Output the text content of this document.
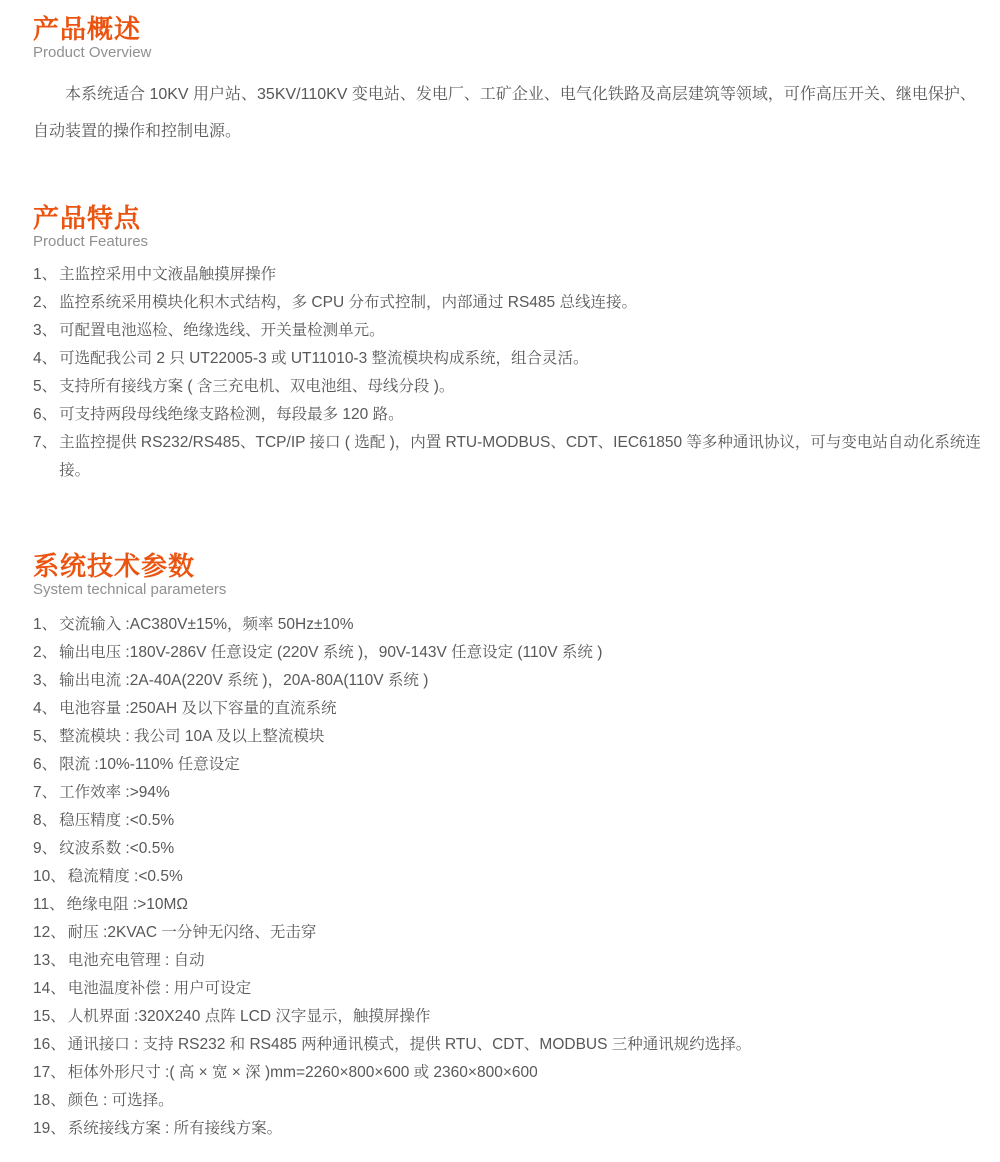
产品概述
Product Overview

本系统适合 10KV 用户站、35KV/110KV 变电站、发电厂、工矿企业、电气化铁路及高层建筑等领域，可作高压开关、继电保护、自动装置的操作和控制电源。

产品特点
Product Features
1、 主监控采用中文液晶触摸屏操作
2、 监控系统采用模块化积木式结构，多 CPU 分布式控制，内部通过 RS485 总线连接。
3、 可配置电池巡检、绝缘选线、开关量检测单元。
4、 可选配我公司 2 只 UT22005-3 或 UT11010-3 整流模块构成系统，组合灵活。
5、 支持所有接线方案 ( 含三充电机、双电池组、母线分段 )。
6、 可支持两段母线绝缘支路检测，每段最多 120 路。
7、 主监控提供 RS232/RS485、TCP/IP 接口 ( 选配 )，内置 RTU-MODBUS、CDT、IEC61850 等多种通讯协议，可与变电站自动化系统连接。
系统技术参数
System technical parameters
1、 交流输入 :AC380V±15%，频率 50Hz±10%
2、 输出电压 :180V-286V 任意设定 (220V 系统 )，90V-143V 任意设定 (110V 系统 )
3、 输出电流 :2A-40A(220V 系统 )，20A-80A(110V 系统 )
4、 电池容量 :250AH 及以下容量的直流系统
5、 整流模块 : 我公司 10A 及以上整流模块
6、 限流 :10%-110% 任意设定
7、 工作效率 :>94%
8、 稳压精度 :<0.5%
9、 纹波系数 :<0.5%
10、 稳流精度 :<0.5%
11、 绝缘电阻 :>10MΩ
12、 耐压 :2KVAC 一分钟无闪络、无击穿
13、 电池充电管理 : 自动
14、 电池温度补偿 : 用户可设定
15、 人机界面 :320X240 点阵 LCD 汉字显示，触摸屏操作
16、 通讯接口 : 支持 RS232 和 RS485 两种通讯模式，提供 RTU、CDT、MODBUS 三种通讯规约选择。
17、 柜体外形尺寸 :( 高 × 宽 × 深 )mm=2260×800×600 或 2360×800×600
18、 颜色 : 可选择。
19、 系统接线方案 : 所有接线方案。
